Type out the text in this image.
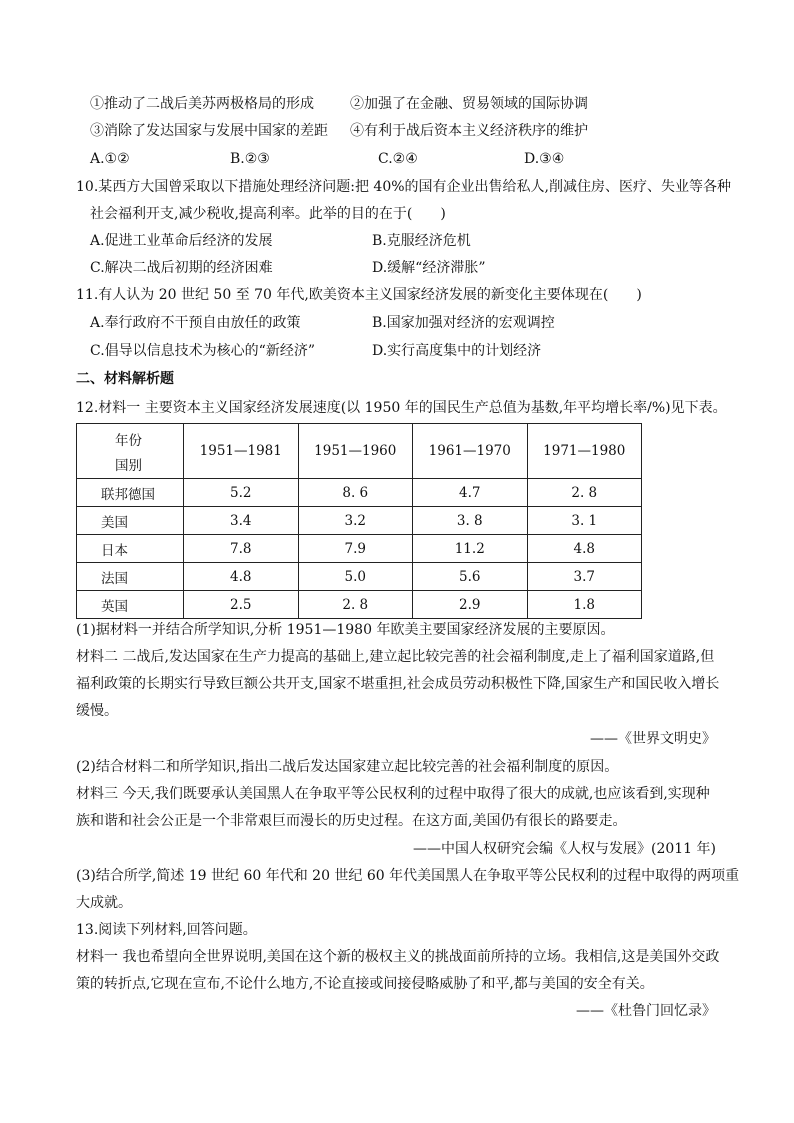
①推动了二战后美苏两极格局的形成	②加强了在金融、贸易领域的国际协调
③消除了发达国家与发展中国家的差距 ④有利于战后资本主义经济秩序的维护
A.①②	B.②③	C.②④	D.③④
10.某西方大国曾采取以下措施处理经济问题:把 40%的国有企业出售给私人,削减住房、医疗、失业等各种
社会福利开支,减少税收,提高利率。此举的目的在于(　　)
A.促进工业革命后经济的发展	B.克服经济危机
C.解决二战后初期的经济困难	D.缓解“经济滞胀”
11.有人认为 20 世纪 50 至 70 年代,欧美资本主义国家经济发展的新变化主要体现在(　　)
A.奉行政府不干预自由放任的政策	B.国家加强对经济的宏观调控
C.倡导以信息技术为核心的“新经济”	D.实行高度集中的计划经济
二、材料解析题
12.材料一 主要资本主义国家经济发展速度(以 1950 年的国民生产总值为基数,年平均增长率/%)见下表。
年份
国别	1951—1981	1951—1960	1961—1970	1971—1980
联邦德国	5.2	8. 6	4.7	2. 8
美国	3.4	3.2	3. 8	3. 1
日本	7.8	7.9	11.2	4.8
法国	4.8	5.0	5.6	3.7
英国	2.5	2. 8	2.9	1.8
(1)据材料一并结合所学知识,分析 1951—1980 年欧美主要国家经济发展的主要原因。
材料二 二战后,发达国家在生产力提高的基础上,建立起比较完善的社会福利制度,走上了福利国家道路,但
福利政策的长期实行导致巨额公共开支,国家不堪重担,社会成员劳动积极性下降,国家生产和国民收入增长
缓慢。
——《世界文明史》
(2)结合材料二和所学知识,指出二战后发达国家建立起比较完善的社会福利制度的原因。
材料三 今天,我们既要承认美国黑人在争取平等公民权利的过程中取得了很大的成就,也应该看到,实现种
族和谐和社会公正是一个非常艰巨而漫长的历史过程。在这方面,美国仍有很长的路要走。
——中国人权研究会编《人权与发展》(2011 年)
(3)结合所学,简述 19 世纪 60 年代和 20 世纪 60 年代美国黑人在争取平等公民权利的过程中取得的两项重
大成就。
13.阅读下列材料,回答问题。
材料一 我也希望向全世界说明,美国在这个新的极权主义的挑战面前所持的立场。我相信,这是美国外交政
策的转折点,它现在宣布,不论什么地方,不论直接或间接侵略威胁了和平,都与美国的安全有关。
——《杜鲁门回忆录》
